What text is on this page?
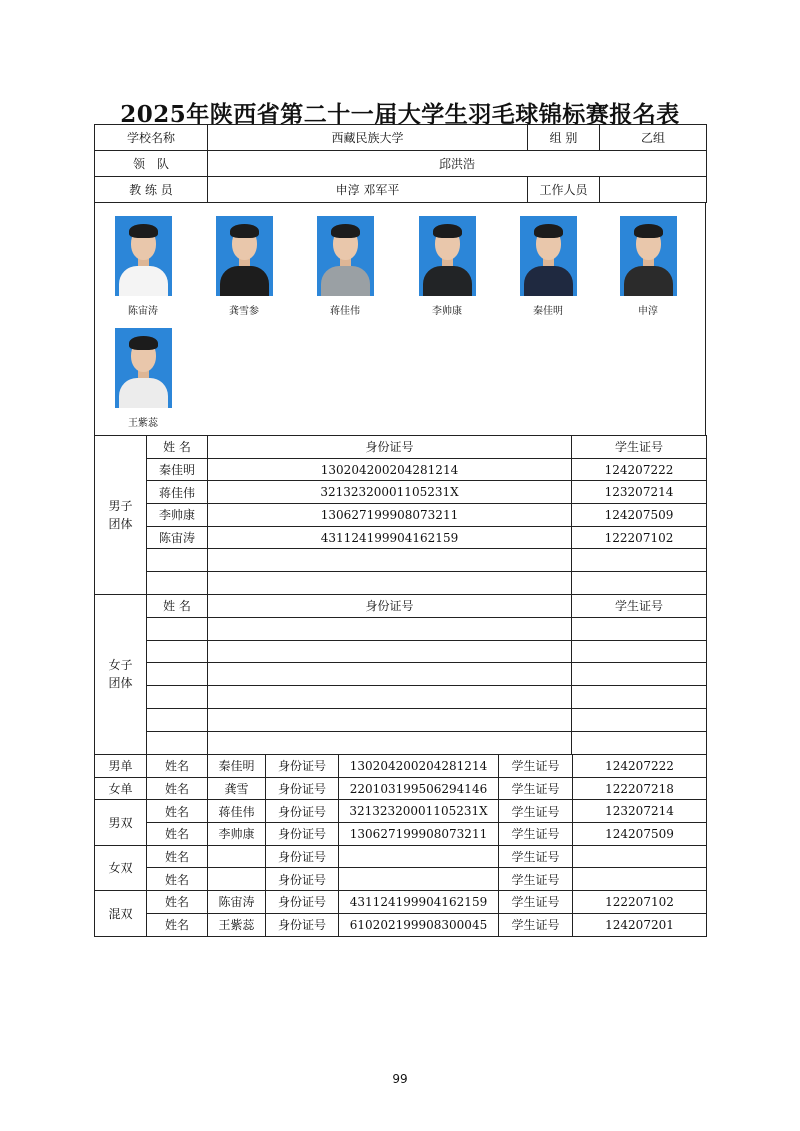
2025年陕西省第二十一届大学生羽毛球锦标赛报名表
学校名称	西藏民族大学	组 别	乙组
领　队	邱洪浩		
教 练 员	申淳 邓军平	工作人员	
陈宙涛	龚雪参	蒋佳伟	李帅康	秦佳明	申淳
王紫蕊
男子
团体	姓 名	身份证号	学生证号
	秦佳明	130204200204281214	124207222
	蒋佳伟	32132320001105231X	123207214
	李帅康	130627199908073211	124207509
	陈宙涛	431124199904162159	122207102

女子
团体	姓 名	身份证号	学生证号

男单	姓名	秦佳明	身份证号	130204200204281214	学生证号	124207222
女单	姓名	龚雪	身份证号	220103199506294146	学生证号	122207218
男双	姓名	蒋佳伟	身份证号	32132320001105231X	学生证号	123207214
	姓名	李帅康	身份证号	130627199908073211	学生证号	124207509
女双	姓名		身份证号		学生证号	
	姓名		身份证号		学生证号	
混双	姓名	陈宙涛	身份证号	431124199904162159	学生证号	122207102
	姓名	王紫蕊	身份证号	610202199908300045	学生证号	124207201
99
